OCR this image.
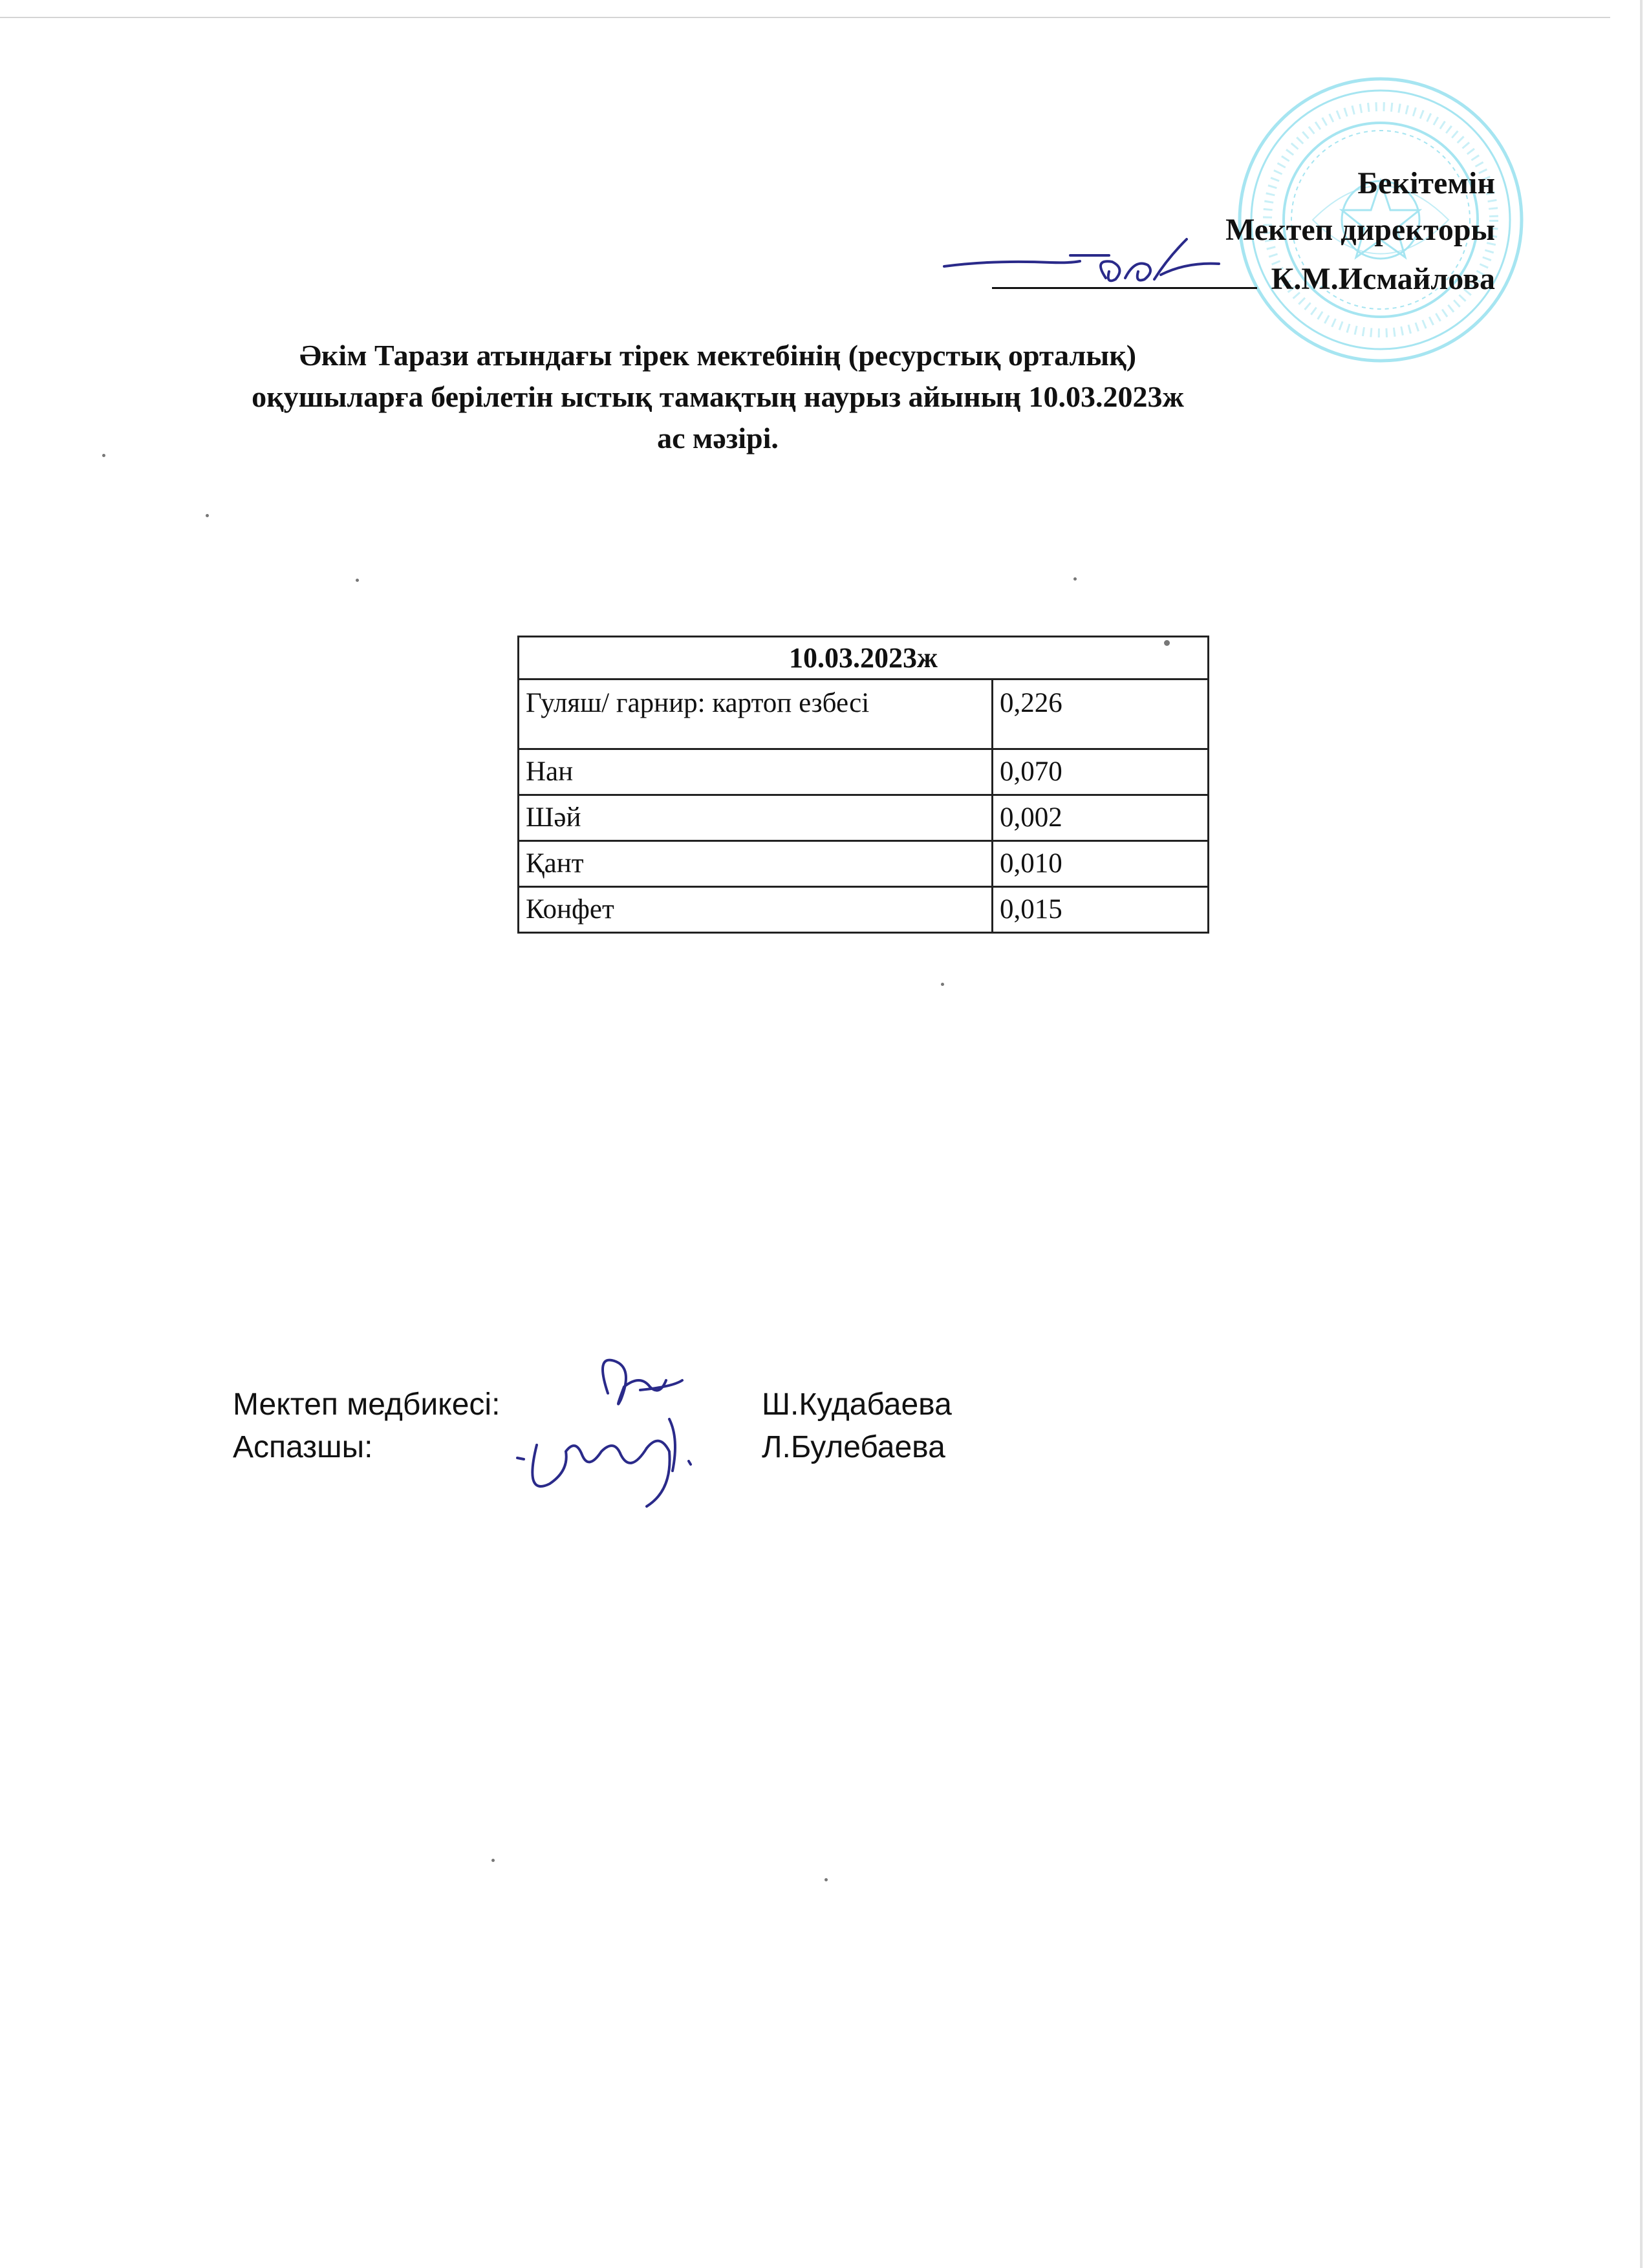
Бекітемін
Мектеп директоры
К.М.Исмайлова
Әкім Тарази атындағы тірек мектебінің (ресурстық орталық)
оқушыларға берілетін ыстық тамақтың наурыз айының 10.03.2023ж
ас мәзірі.
10.03.2023ж	
Гуляш/ гарнир: картоп езбесі	0,226
Нан	0,070
Шәй	0,002
Қант	0,010
Конфет	0,015
Мектеп медбикесі:	Ш.Кудабаева
Аспазшы:	Л.Булебаева
